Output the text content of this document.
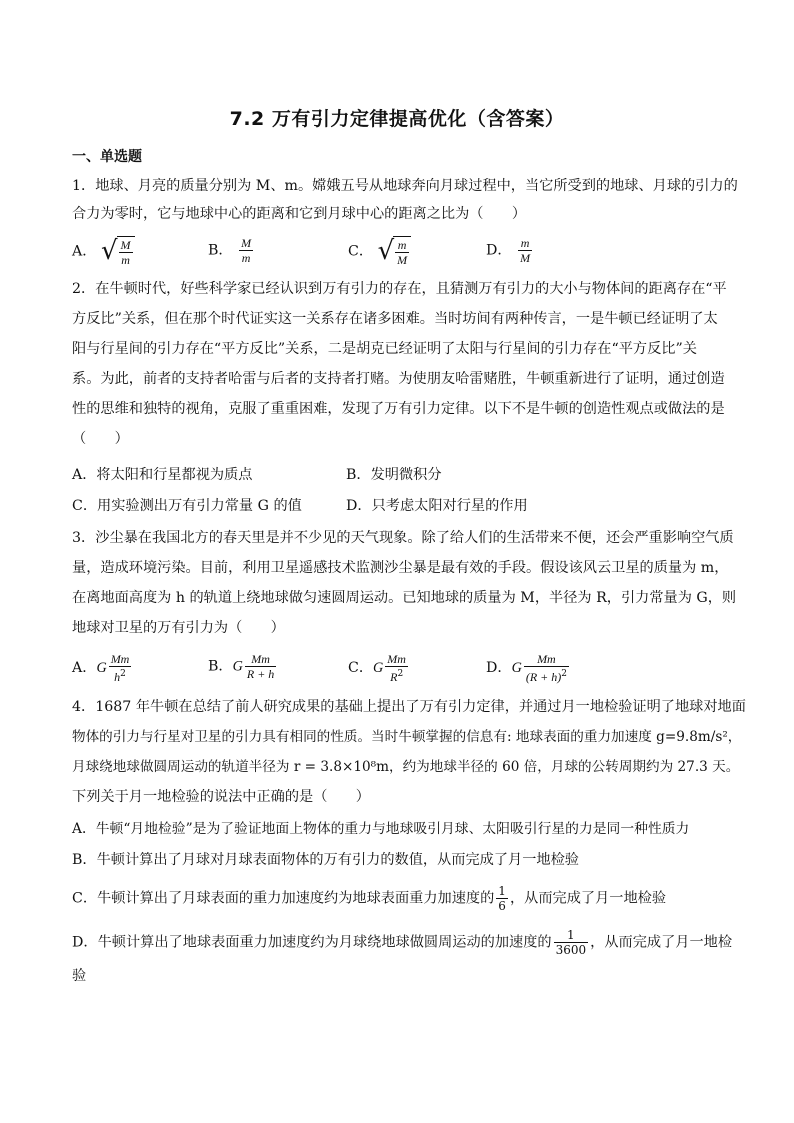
7.2 万有引力定律提高优化（含答案）
一、单选题
1．地球、月亮的质量分别为 M、m。嫦娥五号从地球奔向月球过程中，当它所受到的地球、月球的引力的
合力为零时，它与地球中心的距离和它到月球中心的距离之比为（　　）
A． √ $\frac{M}{m}$	B． $\frac{M}{m}$	C． √ $\frac{m}{M}$	D． $\frac{m}{M}$
2．在牛顿时代，好些科学家已经认识到万有引力的存在，且猜测万有引力的大小与物体间的距离存在“平
方反比”关系，但在那个时代证实这一关系存在诸多困难。当时坊间有两种传言，一是牛顿已经证明了太
阳与行星间的引力存在“平方反比”关系，二是胡克已经证明了太阳与行星间的引力存在“平方反比”关
系。为此，前者的支持者哈雷与后者的支持者打赌。为使朋友哈雷赌胜，牛顿重新进行了证明，通过创造
性的思维和独特的视角，克服了重重困难，发现了万有引力定律。以下不是牛顿的创造性观点或做法的是
（　　）
A．将太阳和行星都视为质点	B．发明微积分
C．用实验测出万有引力常量 G 的值	D．只考虑太阳对行星的作用
3．沙尘暴在我国北方的春天里是并不少见的天气现象。除了给人们的生活带来不便，还会严重影响空气质
量，造成环境污染。目前，利用卫星遥感技术监测沙尘暴是最有效的手段。假设该风云卫星的质量为 m，
在离地面高度为 h 的轨道上绕地球做匀速圆周运动。已知地球的质量为 M，半径为 R，引力常量为 G，则
地球对卫星的万有引力为（　　）
A．G $\frac{Mm}{h^2}$	B．G $\frac{Mm}{R + h}$	C．G $\frac{Mm}{R^2}$	D．G $\frac{Mm}{(R + h)^2}$
4．1687 年牛顿在总结了前人研究成果的基础上提出了万有引力定律，并通过月一地检验证明了地球对地面
物体的引力与行星对卫星的引力具有相同的性质。当时牛顿掌握的信息有: 地球表面的重力加速度 g=9.8m/s²，
月球绕地球做圆周运动的轨道半径为 r = 3.8×10⁸m，约为地球半径的 60 倍，月球的公转周期约为 27.3 天。
下列关于月一地检验的说法中正确的是（　　）
A．牛顿“月地检验”是为了验证地面上物体的重力与地球吸引月球、太阳吸引行星的力是同一种性质力
B．牛顿计算出了月球对月球表面物体的万有引力的数值，从而完成了月一地检验
C．牛顿计算出了月球表面的重力加速度约为地球表面重力加速度的 $\frac{1}{6}$ ，从而完成了月一地检验
D．牛顿计算出了地球表面重力加速度约为月球绕地球做圆周运动的加速度的 $\frac{1}{3600}$ ，从而完成了月一地检
验
